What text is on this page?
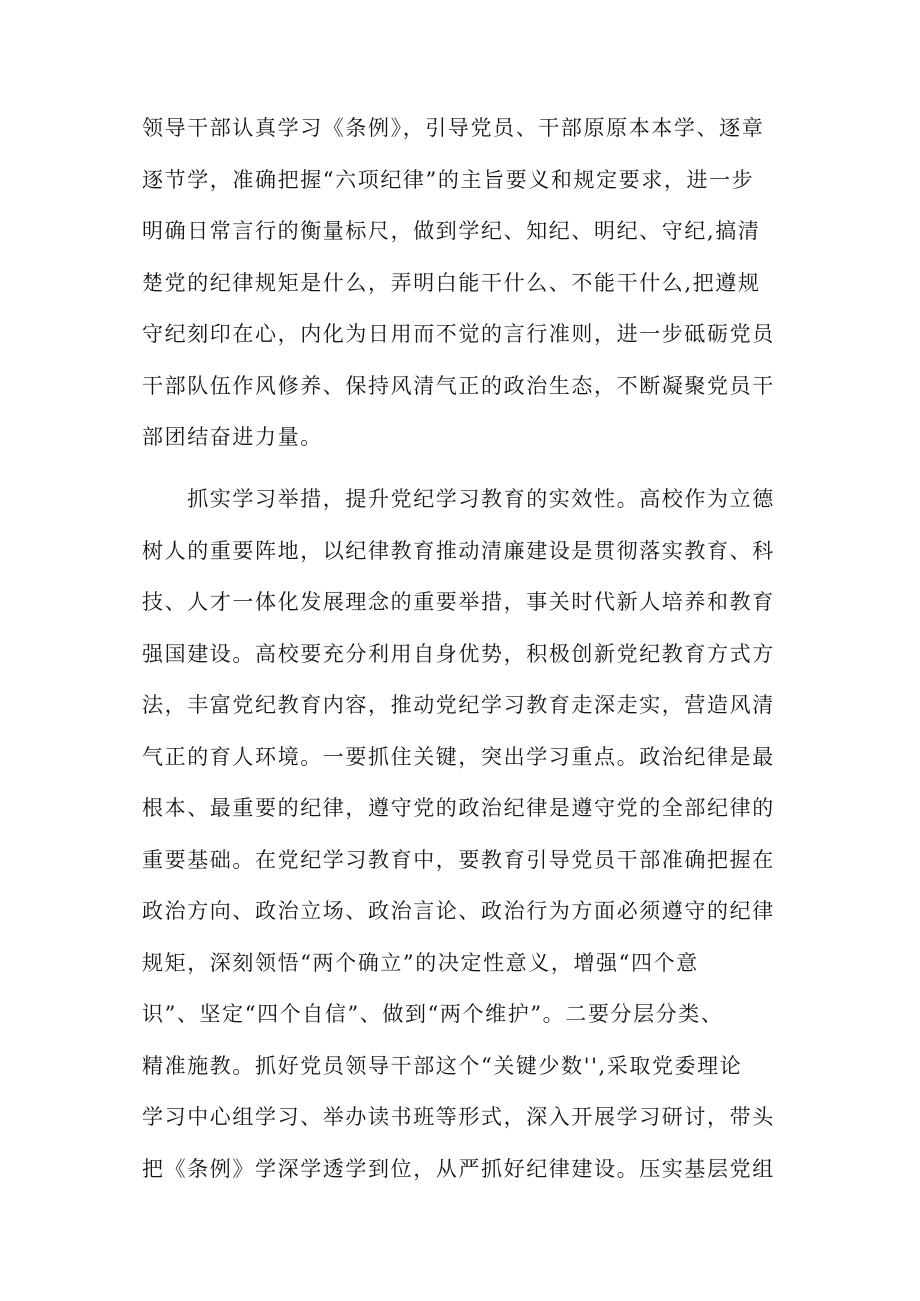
领导干部认真学习《条例》，引导党员、干部原原本本学、逐章
逐节学，准确把握“六项纪律”的主旨要义和规定要求，进一步
明确日常言行的衡量标尺，做到学纪、知纪、明纪、守纪,搞清
楚党的纪律规矩是什么，弄明白能干什么、不能干什么,把遵规
守纪刻印在心，内化为日用而不觉的言行准则，进一步砥砺党员
干部队伍作风修养、保持风清气正的政治生态，不断凝聚党员干
部团结奋进力量。

　　抓实学习举措，提升党纪学习教育的实效性。高校作为立德
树人的重要阵地，以纪律教育推动清廉建设是贯彻落实教育、科
技、人才一体化发展理念的重要举措，事关时代新人培养和教育
强国建设。高校要充分利用自身优势，积极创新党纪教育方式方
法，丰富党纪教育内容，推动党纪学习教育走深走实，营造风清
气正的育人环境。一要抓住关键，突出学习重点。政治纪律是最
根本、最重要的纪律，遵守党的政治纪律是遵守党的全部纪律的
重要基础。在党纪学习教育中，要教育引导党员干部准确把握在
政治方向、政治立场、政治言论、政治行为方面必须遵守的纪律
规矩，深刻领悟“两个确立”的决定性意义，增强“四个意
识”、坚定“四个自信”、做到“两个维护”。二要分层分类、
精准施教。抓好党员领导干部这个“关键少数'',采取党委理论
学习中心组学习、举办读书班等形式，深入开展学习研讨，带头
把《条例》学深学透学到位，从严抓好纪律建设。压实基层党组
